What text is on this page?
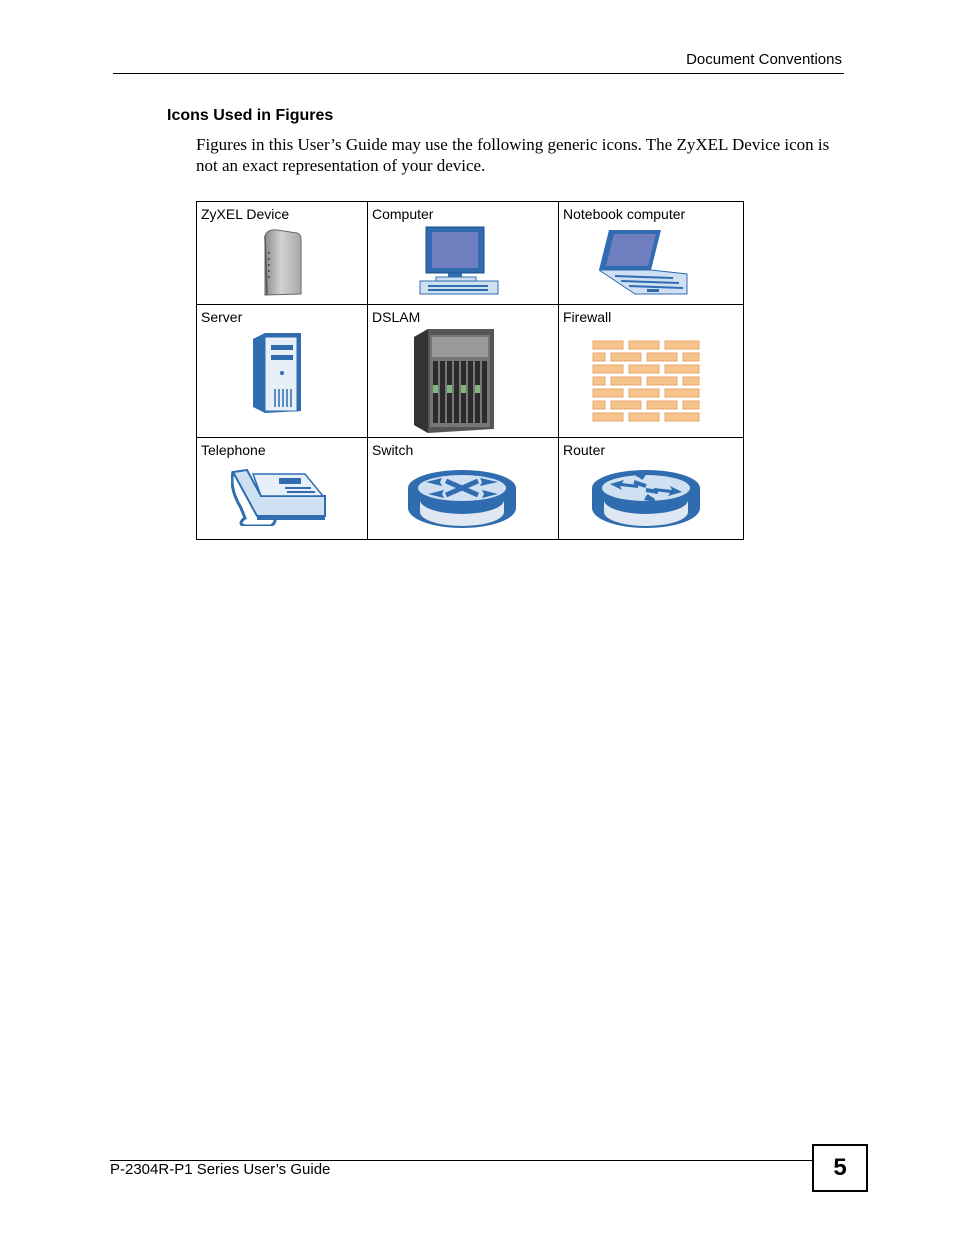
Document Conventions
Icons Used in Figures

Figures in this User’s Guide may use the following generic icons. The ZyXEL Device icon is not an exact representation of your device.

ZyXEL Device	Computer	Notebook computer

Server	DSLAM	Firewall

Telephone	Switch	Router
P-2304R-P1 Series User’s Guide	5
